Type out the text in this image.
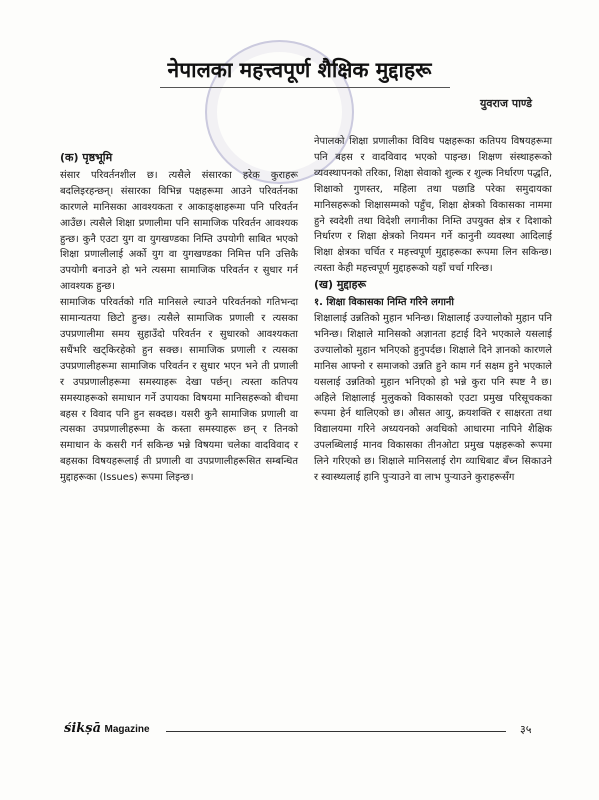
नेपालका महत्त्वपूर्ण शैक्षिक मुद्दाहरू
युवराज पाण्डे
(क) पृष्ठभूमि

संसार परिवर्तनशील छ। त्यसैले संसारका हरेक कुराहरू बदलिइरहन्छन्। संसारका विभिन्न पक्षहरूमा आउने परिवर्तनका कारणले मानिसका आवश्यकता र आकाङ्क्षाहरूमा पनि परिवर्तन आउँछ। त्यसैले शिक्षा प्रणालीमा पनि सामाजिक परिवर्तन आवश्यक हुन्छ। कुनै एउटा युग वा युगखण्डका निम्ति उपयोगी साबित भएको शिक्षा प्रणालीलाई अर्को युग वा युगखण्डका निमित्त पनि उत्तिकै उपयोगी बनाउने हो भने त्यसमा सामाजिक परिवर्तन र सुधार गर्न आवश्यक हुन्छ।

सामाजिक परिवर्तको गति मानिसले ल्याउने परिवर्तनको गतिभन्दा सामान्यतया छिटो हुन्छ। त्यसैले सामाजिक प्रणाली र त्यसका उपप्रणालीमा समय सुहाउँदो परिवर्तन र सुधारको आवश्यकता सधैंभरि खट्किरहेको हुन सक्छ। सामाजिक प्रणाली र त्यसका उपप्रणालीहरूमा सामाजिक परिवर्तन र सुधार भएन भने ती प्रणाली र उपप्रणालीहरूमा समस्याहरू देखा पर्छन्। त्यस्ता कतिपय समस्याहरूको समाधान गर्ने उपायका विषयमा मानिसहरूको बीचमा बहस र विवाद पनि हुन सक्दछ। यसरी कुनै सामाजिक प्रणाली वा त्यसका उपप्रणालीहरूमा के कस्ता समस्याहरू छन् र तिनको समाधान के कसरी गर्न सकिन्छ भन्ने विषयमा चलेका वादविवाद र बहसका विषयहरूलाई ती प्रणाली वा उपप्रणालीहरूसित सम्बन्धित मुद्दाहरूका (Issues) रूपमा लिइन्छ।

नेपालको शिक्षा प्रणालीका विविध पक्षहरूका कतिपय विषयहरूमा पनि बहस र वादविवाद भएको पाइन्छ। शिक्षण संस्थाहरूको व्यवस्थापनको तरिका, शिक्षा सेवाको शुल्क र शुल्क निर्धारण पद्धति, शिक्षाको गुणस्तर, महिला तथा पछाडि परेका समुदायका मानिसहरूको शिक्षासम्मको पहुँच, शिक्षा क्षेत्रको विकासका नाममा हुने स्वदेशी तथा विदेशी लगानीका निम्ति उपयुक्त क्षेत्र र दिशाको निर्धारण र शिक्षा क्षेत्रको नियमन गर्ने कानुनी व्यवस्था आदिलाई शिक्षा क्षेत्रका चर्चित र महत्त्वपूर्ण मुद्दाहरूका रूपमा लिन सकिन्छ। त्यस्ता केही महत्त्वपूर्ण मुद्दाहरूको यहाँ चर्चा गरिन्छ।

(ख) मुद्दाहरू
१. शिक्षा विकासका निम्ति गरिने लगानी

शिक्षालाई उन्नतिको मुहान भनिन्छ। शिक्षालाई उज्यालोको मुहान पनि भनिन्छ। शिक्षाले मानिसको अज्ञानता हटाई दिने भएकाले यसलाई उज्यालोको मुहान भनिएको हुनुपर्दछ। शिक्षाले दिने ज्ञानको कारणले मानिस आफ्नो र समाजको उन्नति हुने काम गर्न सक्षम हुने भएकाले यसलाई उन्नतिको मुहान भनिएको हो भन्ने कुरा पनि स्पष्ट नै छ। अहिले शिक्षालाई मुलुकको विकासको एउटा प्रमुख परिसूचकका रूपमा हेर्न थालिएको छ। औसत आयु, क्रयशक्ति र साक्षरता तथा विद्यालयमा गरिने अध्ययनको अवधिको आधारमा नापिने शैक्षिक उपलब्धिलाई मानव विकासका तीनओटा प्रमुख पक्षहरूको रूपमा लिने गरिएको छ। शिक्षाले मानिसलाई रोग व्याधिबाट बँच्न सिकाउने र स्वास्थ्यलाई हानि पुऱ्याउने वा लाभ पुऱ्याउने कुराहरूसँग

śikṣā Magazine	३५
